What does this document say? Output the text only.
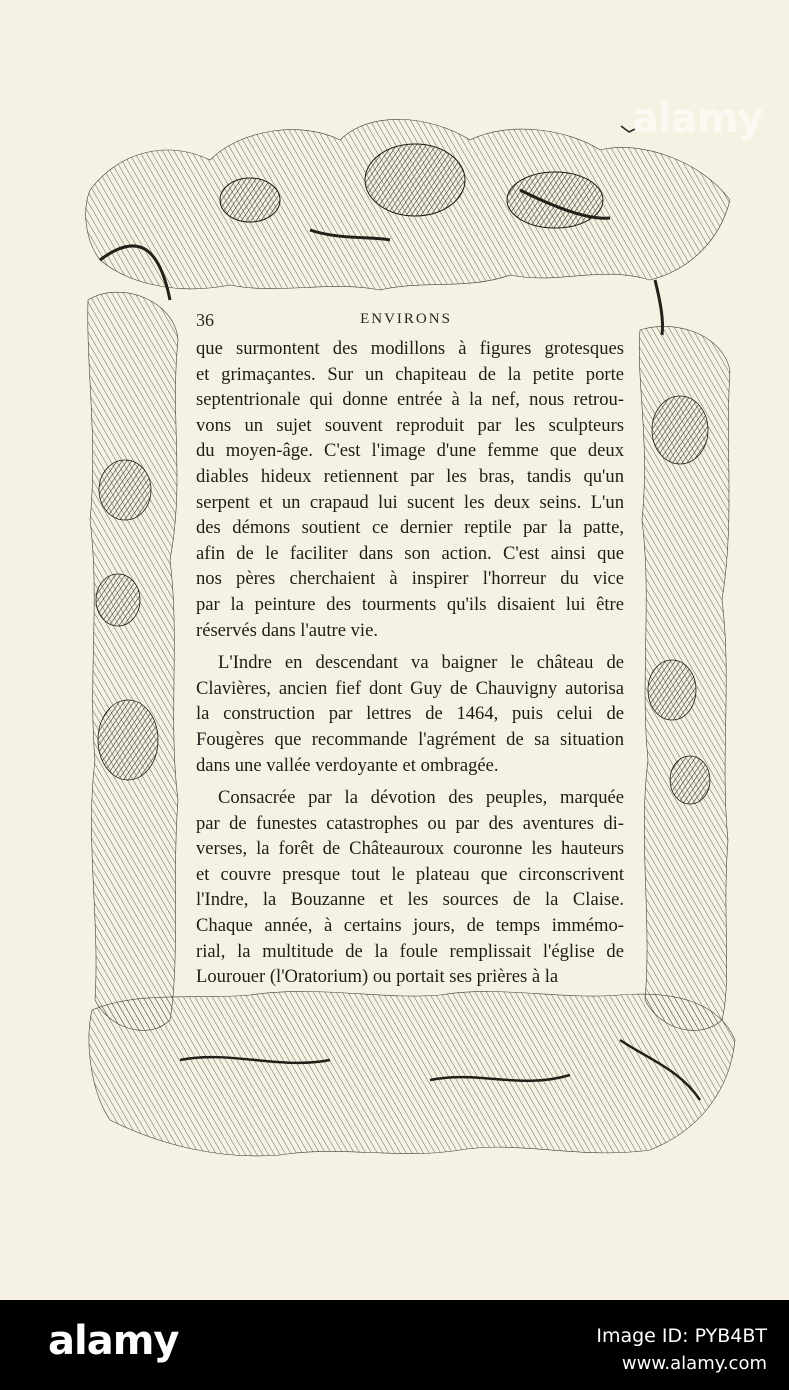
alamy
36	ENVIRONS

que surmontent des modillons à figures grotesques
et grimaçantes. Sur un chapiteau de la petite porte
septentrionale qui donne entrée à la nef, nous retrou-
vons un sujet souvent reproduit par les sculpteurs
du moyen-âge. C'est l'image d'une femme que deux
diables hideux retiennent par les bras, tandis qu'un
serpent et un crapaud lui sucent les deux seins. L'un
des démons soutient ce dernier reptile par la patte,
afin de le faciliter dans son action. C'est ainsi que
nos pères cherchaient à inspirer l'horreur du vice
par la peinture des tourments qu'ils disaient lui être
réservés dans l'autre vie.

L'Indre en descendant va baigner le château de
Clavières, ancien fief dont Guy de Chauvigny autorisa
la construction par lettres de 1464, puis celui de
Fougères que recommande l'agrément de sa situation
dans une vallée verdoyante et ombragée.

Consacrée par la dévotion des peuples, marquée
par de funestes catastrophes ou par des aventures di-
verses, la forêt de Châteauroux couronne les hauteurs
et couvre presque tout le plateau que circonscrivent
l'Indre, la Bouzanne et les sources de la Claise.
Chaque année, à certains jours, de temps immémo-
rial, la multitude de la foule remplissait l'église de
Lourouer (l'Oratorium) ou portait ses prières à la

alamy	Image ID: PYB4BT
www.alamy.com
